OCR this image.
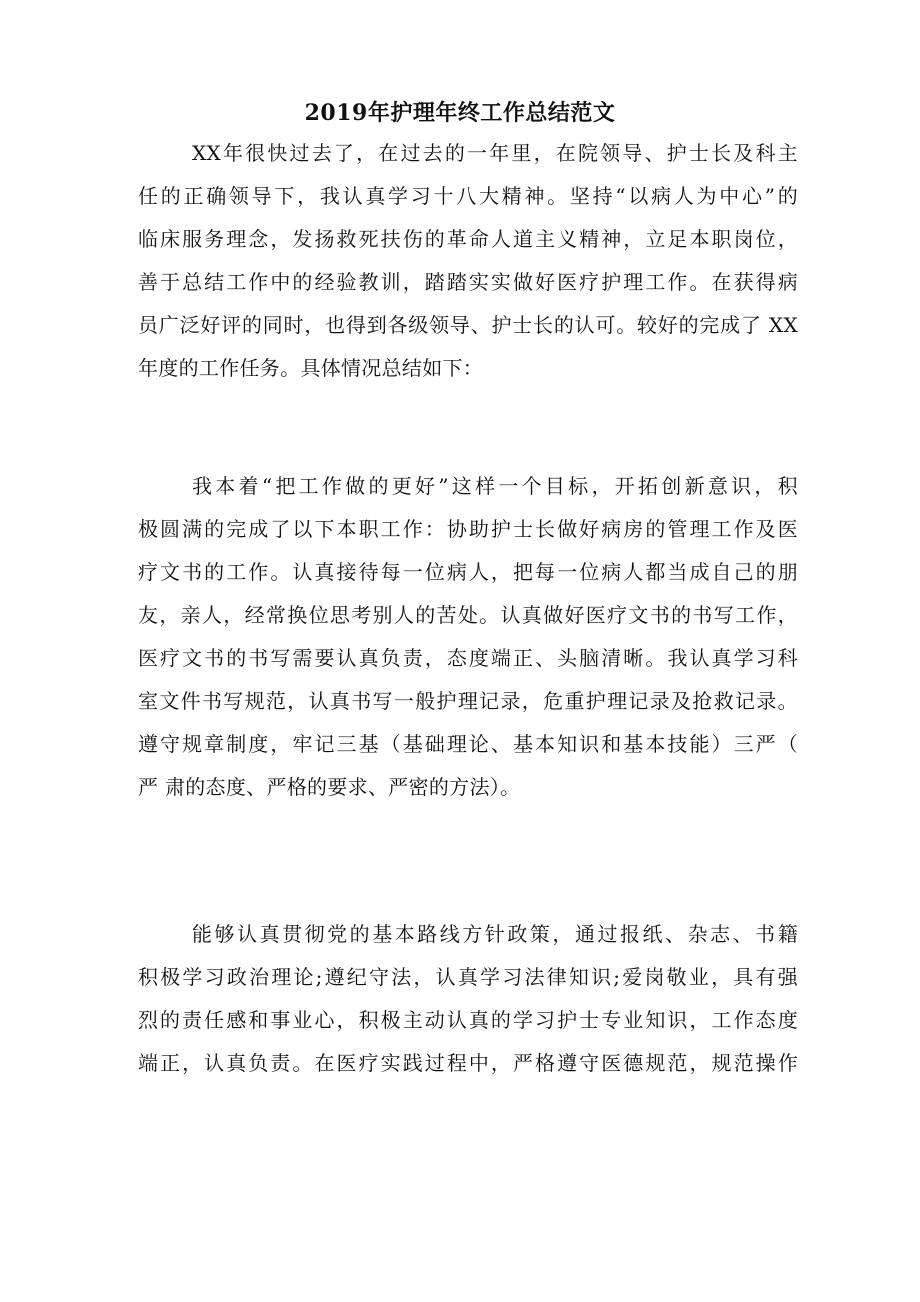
2019年护理年终工作总结范文
XX年很快过去了，在过去的一年里，在院领导、护士长及科主
任的正确领导下，我认真学习十八大精神。坚持“以病人为中心”的
临床服务理念，发扬救死扶伤的革命人道主义精神，立足本职岗位，
善于总结工作中的经验教训，踏踏实实做好医疗护理工作。在获得病
员广泛好评的同时，也得到各级领导、护士长的认可。较好的完成了 XX
年度的工作任务。具体情况总结如下：
我本着“把工作做的更好”这样一个目标，开拓创新意识，积
极圆满的完成了以下本职工作：协助护士长做好病房的管理工作及医
疗文书的工作。认真接待每一位病人，把每一位病人都当成自己的朋
友，亲人，经常换位思考别人的苦处。认真做好医疗文书的书写工作，
医疗文书的书写需要认真负责，态度端正、头脑清晰。我认真学习科
室文件书写规范，认真书写一般护理记录，危重护理记录及抢救记录。
遵守规章制度，牢记三基（基础理论、基本知识和基本技能）三严（
严 肃的态度、严格的要求、严密的方法）。
能够认真贯彻党的基本路线方针政策，通过报纸、杂志、书籍
积极学习政治理论;遵纪守法，认真学习法律知识;爱岗敬业，具有强
烈的责任感和事业心，积极主动认真的学习护士专业知识，工作态度
端正，认真负责。在医疗实践过程中，严格遵守医德规范，规范操作
